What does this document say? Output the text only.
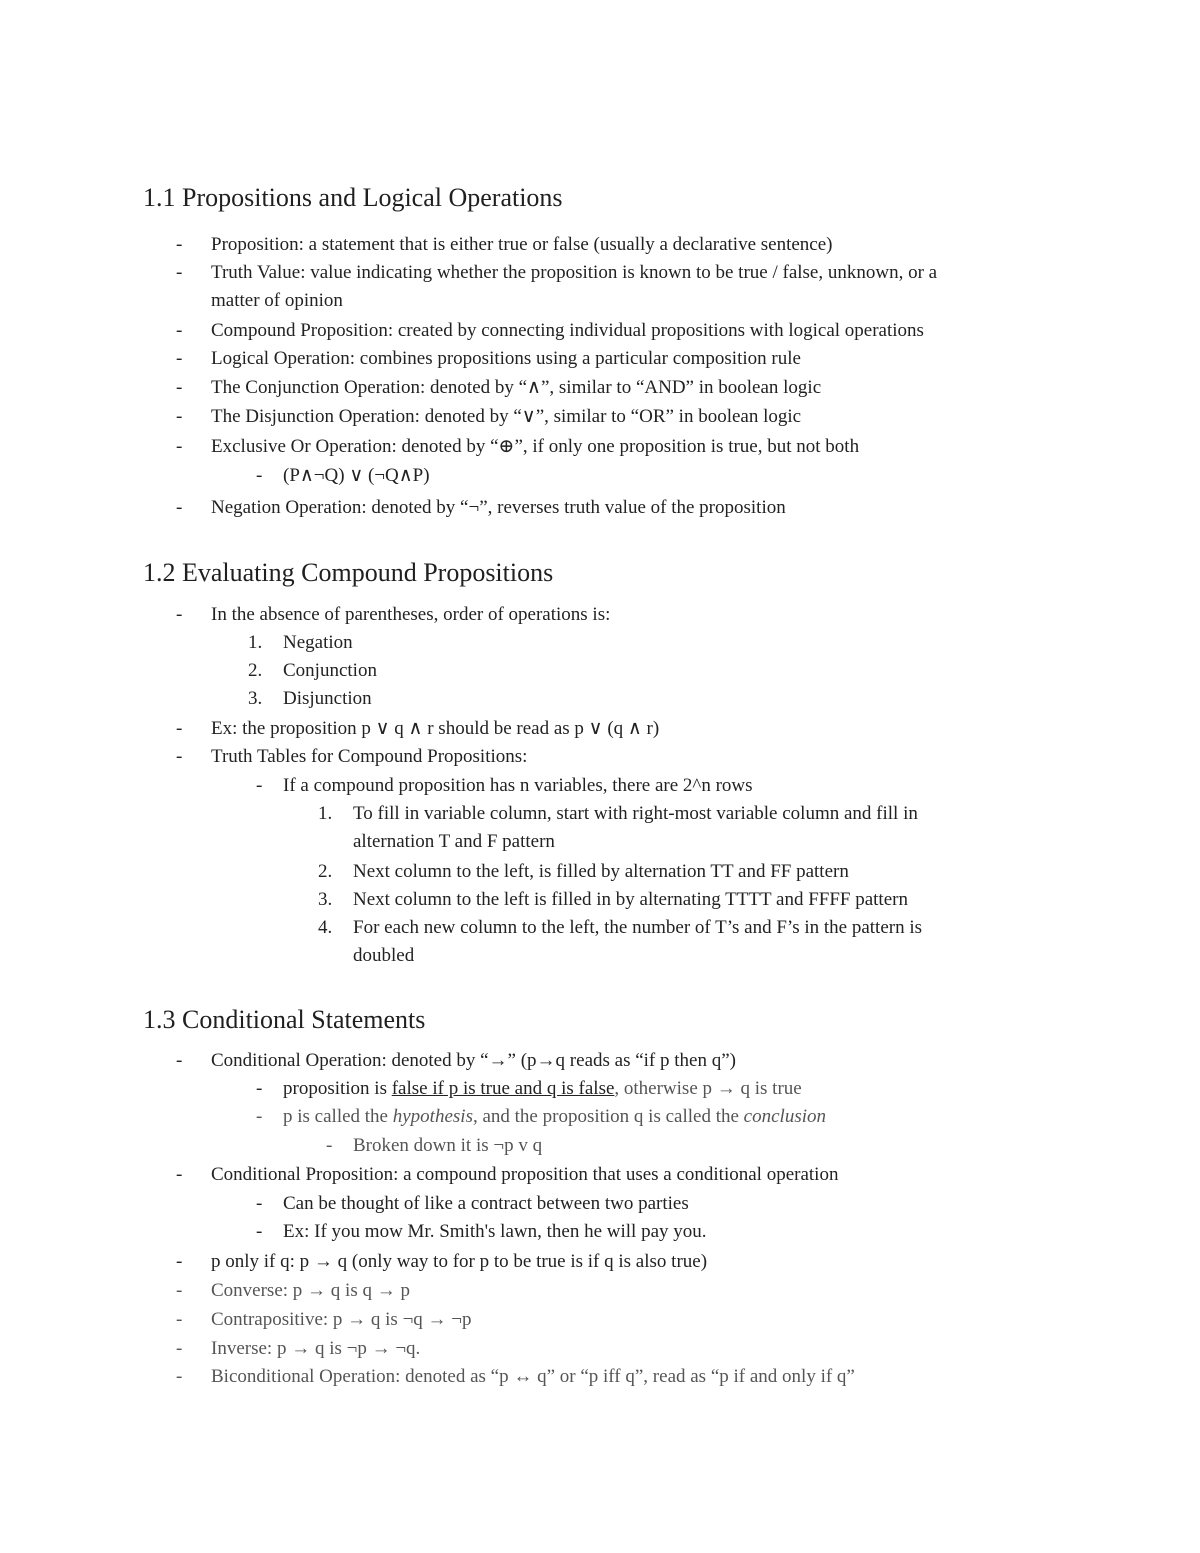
1.1 Propositions and Logical Operations
- Proposition: a statement that is either true or false (usually a declarative sentence)
- Truth Value: value indicating whether the proposition is known to be true / false, unknown, or a
matter of opinion
- Compound Proposition: created by connecting individual propositions with logical operations
- Logical Operation: combines propositions using a particular composition rule
- The Conjunction Operation: denoted by “∧”, similar to “AND” in boolean logic
- The Disjunction Operation: denoted by “∨”, similar to “OR” in boolean logic
- Exclusive Or Operation: denoted by “⊕”, if only one proposition is true, but not both
- (P∧¬Q) ∨ (¬Q∧P)
- Negation Operation: denoted by “¬”, reverses truth value of the proposition
1.2 Evaluating Compound Propositions
- In the absence of parentheses, order of operations is:
1. Negation
2. Conjunction
3. Disjunction
- Ex: the proposition p ∨ q ∧ r should be read as p ∨ (q ∧ r)
- Truth Tables for Compound Propositions:
- If a compound proposition has n variables, there are 2^n rows
1. To fill in variable column, start with right-most variable column and fill in
alternation T and F pattern
2. Next column to the left, is filled by alternation TT and FF pattern
3. Next column to the left is filled in by alternating TTTT and FFFF pattern
4. For each new column to the left, the number of T’s and F’s in the pattern is
doubled
1.3 Conditional Statements
- Conditional Operation: denoted by “→” (p→q reads as “if p then q”)
- proposition is false if p is true and q is false, otherwise p → q is true
- p is called the hypothesis, and the proposition q is called the conclusion
- Broken down it is ¬p v q
- Conditional Proposition: a compound proposition that uses a conditional operation
- Can be thought of like a contract between two parties
- Ex: If you mow Mr. Smith's lawn, then he will pay you.
- p only if q: p → q (only way to for p to be true is if q is also true)
- Converse: p → q is q → p
- Contrapositive: p → q is ¬q → ¬p
- Inverse: p → q is ¬p → ¬q.
- Biconditional Operation: denoted as “p ↔ q” or “p iff q”, read as “p if and only if q”
